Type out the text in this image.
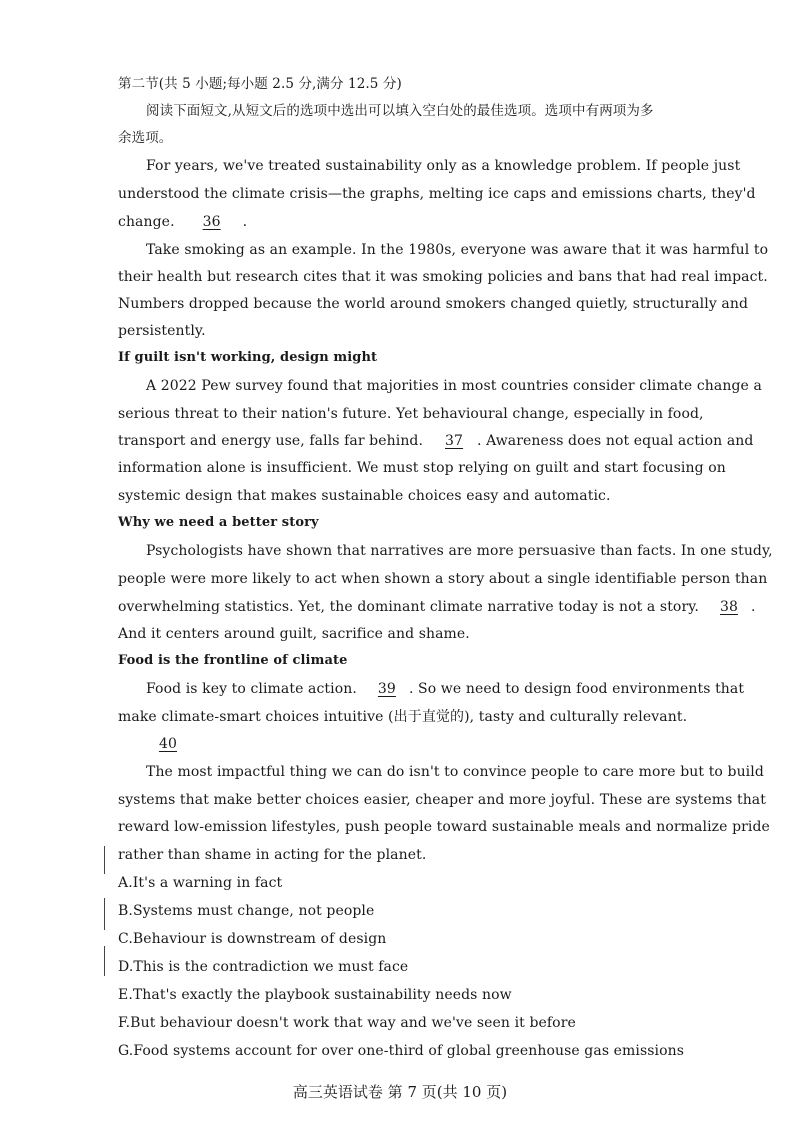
第二节(共 5 小题;每小题 2.5 分,满分 12.5 分)
阅读下面短文,从短文后的选项中选出可以填入空白处的最佳选项。选项中有两项为多
余选项。
For years, we've treated sustainability only as a knowledge problem. If people just
understood the climate crisis—the graphs, melting ice caps and emissions charts, they'd
change. 36 .
Take smoking as an example. In the 1980s, everyone was aware that it was harmful to
their health but research cites that it was smoking policies and bans that had real impact.
Numbers dropped because the world around smokers changed quietly, structurally and
persistently.
If guilt isn't working, design might
A 2022 Pew survey found that majorities in most countries consider climate change a
serious threat to their nation's future. Yet behavioural change, especially in food,
transport and energy use, falls far behind. 37 . Awareness does not equal action and
information alone is insufficient. We must stop relying on guilt and start focusing on
systemic design that makes sustainable choices easy and automatic.
Why we need a better story
Psychologists have shown that narratives are more persuasive than facts. In one study,
people were more likely to act when shown a story about a single identifiable person than
overwhelming statistics. Yet, the dominant climate narrative today is not a story. 38 .
And it centers around guilt, sacrifice and shame.
Food is the frontline of climate
Food is key to climate action. 39 . So we need to design food environments that
make climate-smart choices intuitive (出于直觉的), tasty and culturally relevant.
40
The most impactful thing we can do isn't to convince people to care more but to build
systems that make better choices easier, cheaper and more joyful. These are systems that
reward low-emission lifestyles, push people toward sustainable meals and normalize pride
rather than shame in acting for the planet.
A.It's a warning in fact
B.Systems must change, not people
C.Behaviour is downstream of design
D.This is the contradiction we must face
E.That's exactly the playbook sustainability needs now
F.But behaviour doesn't work that way and we've seen it before
G.Food systems account for over one-third of global greenhouse gas emissions
高三英语试卷 第 7 页(共 10 页)
